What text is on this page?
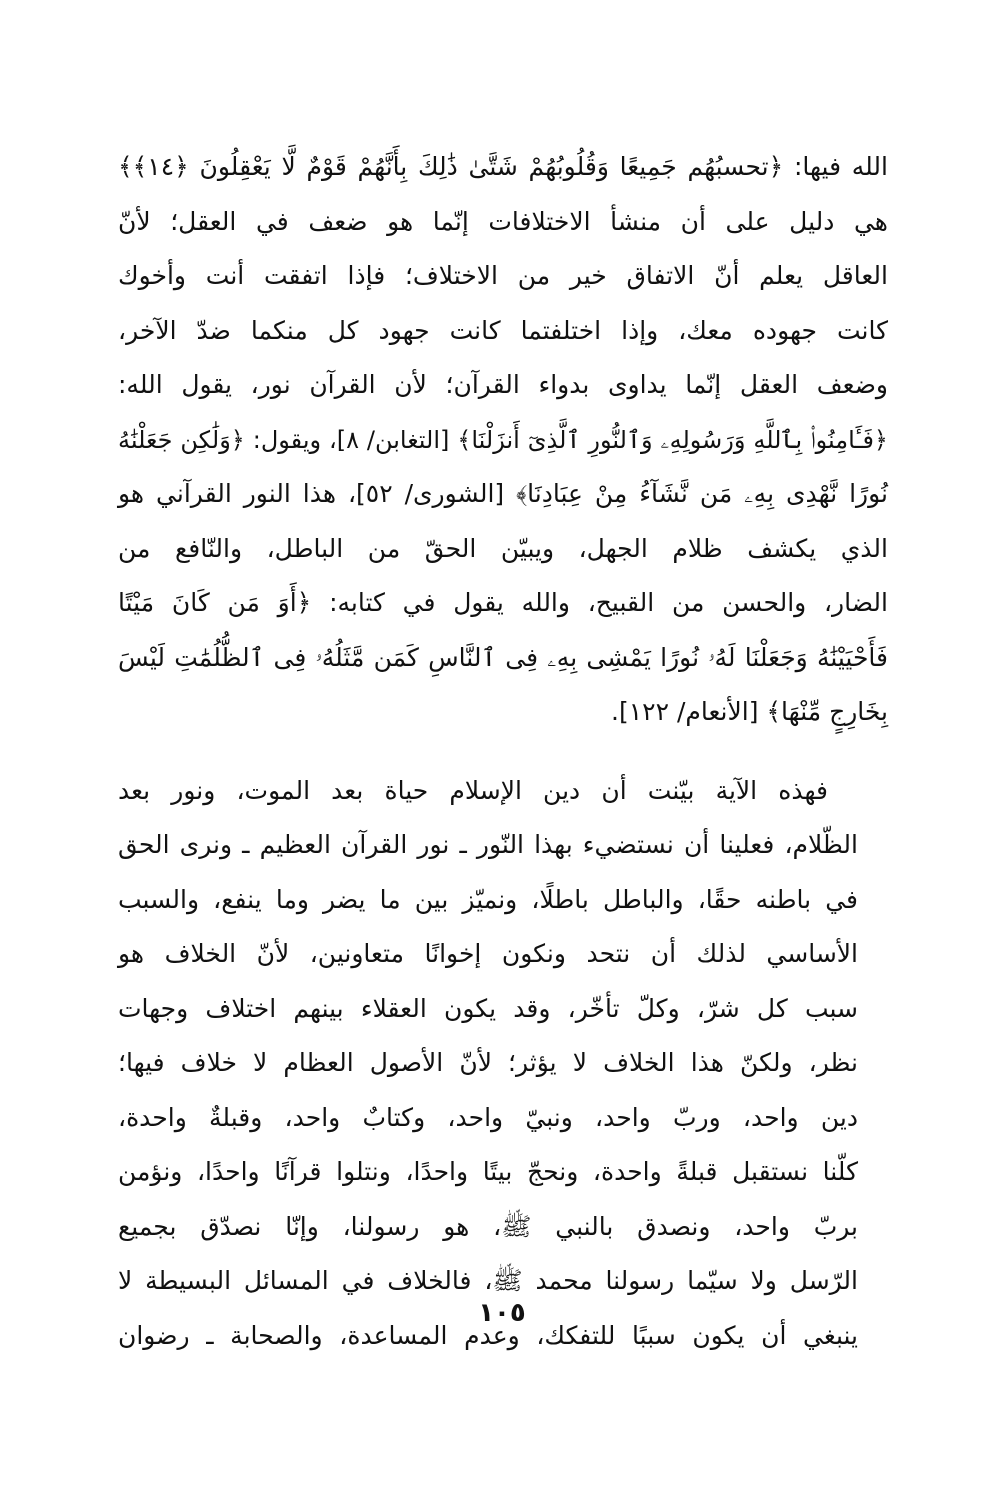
الله فيها: ﴿تحسبُهُم جَمِيعًا وَقُلُوبُهُمْ شَتَّىٰ ذَٰلِكَ بِأَنَّهُمْ قَوْمٌ لَّا يَعْقِلُونَ ﴿١٤﴾﴾
هي دليل على أن منشأ الاختلافات إنّما هو ضعف في العقل؛ لأنّ
العاقل يعلم أنّ الاتفاق خير من الاختلاف؛ فإذا اتفقت أنت وأخوك
كانت جهوده معك، وإذا اختلفتما كانت جهود كل منكما ضدّ الآخر،
وضعف العقل إنّما يداوى بدواء القرآن؛ لأن القرآن نور، يقول الله:
﴿فَـَٔامِنُوا۟ بِٱللَّهِ وَرَسُولِهِۦ وَٱلنُّورِ ٱلَّذِىٓ أَنزَلْنَا﴾ [التغابن/ ٨]، ويقول: ﴿وَلَٰكِن جَعَلْنَٰهُ
نُورًا نَّهْدِى بِهِۦ مَن نَّشَآءُ مِنْ عِبَادِنَا﴾ [الشورى/ ٥٢]، هذا النور القرآني هو
الذي يكشف ظلام الجهل، ويبيّن الحقّ من الباطل، والنّافع من
الضار، والحسن من القبيح، والله يقول في كتابه: ﴿أَوَ مَن كَانَ مَيْتًا
فَأَحْيَيْنَٰهُ وَجَعَلْنَا لَهُۥ نُورًا يَمْشِى بِهِۦ فِى ٱلنَّاسِ كَمَن مَّثَلُهُۥ فِى ٱلظُّلُمَٰتِ لَيْسَ
بِخَارِجٍ مِّنْهَا﴾ [الأنعام/ ١٢٢].
فهذه الآية بيّنت أن دين الإسلام حياة بعد الموت، ونور بعد
الظّلام، فعلينا أن نستضيء بهذا النّور ـ نور القرآن العظيم ـ ونرى الحق
في باطنه حقًا، والباطل باطلًا، ونميّز بين ما يضر وما ينفع، والسبب
الأساسي لذلك أن نتحد ونكون إخوانًا متعاونين، لأنّ الخلاف هو
سبب كل شرّ، وكلّ تأخّر، وقد يكون العقلاء بينهم اختلاف وجهات
نظر، ولكنّ هذا الخلاف لا يؤثر؛ لأنّ الأصول العظام لا خلاف فيها؛
دين واحد، وربّ واحد، ونبيّ واحد، وكتابٌ واحد، وقبلةٌ واحدة،
كلّنا نستقبل قبلةً واحدة، ونحجّ بيتًا واحدًا، ونتلوا قرآنًا واحدًا، ونؤمن
بربّ واحد، ونصدق بالنبي ﷺ، هو رسولنا، وإنّا نصدّق بجميع
الرّسل ولا سيّما رسولنا محمد ﷺ، فالخلاف في المسائل البسيطة لا
ينبغي أن يكون سببًا للتفكك، وعدم المساعدة، والصحابة ـ رضوان
١٠٥
